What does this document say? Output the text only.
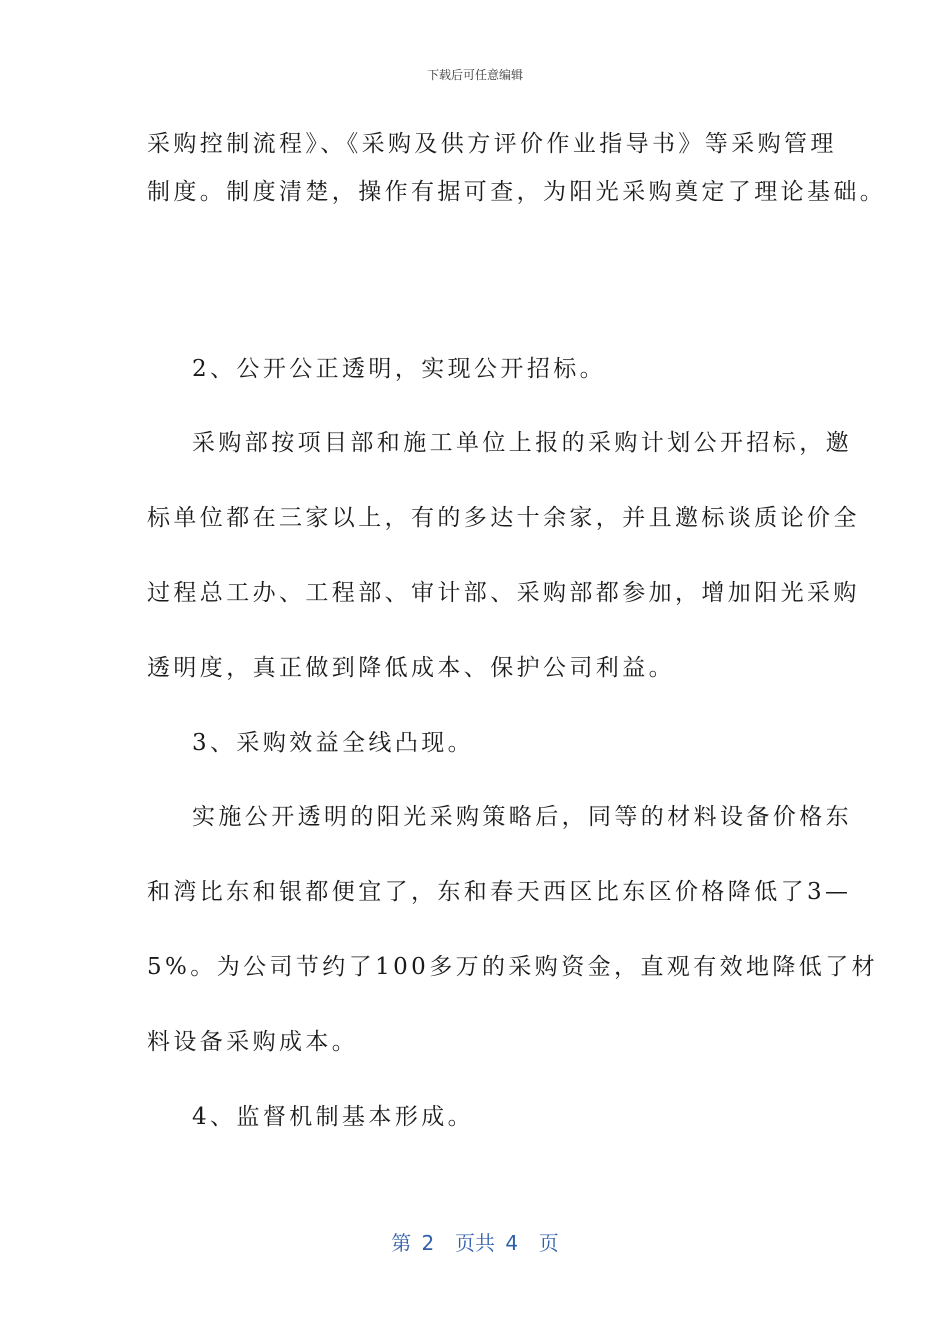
下载后可任意编辑
采购控制流程》、《采购及供方评价作业指导书》等采购管理
制度。制度清楚，操作有据可查，为阳光采购奠定了理论基础。
2、公开公正透明，实现公开招标。
采购部按项目部和施工单位上报的采购计划公开招标，邀
标单位都在三家以上，有的多达十余家，并且邀标谈质论价全
过程总工办、工程部、审计部、采购部都参加，增加阳光采购
透明度，真正做到降低成本、保护公司利益。
3、采购效益全线凸现。
实施公开透明的阳光采购策略后，同等的材料设备价格东
和湾比东和银都便宜了，东和春天西区比东区价格降低了3—
5%。为公司节约了100多万的采购资金，直观有效地降低了材
料设备采购成本。
4、监督机制基本形成。
第 2  页共 4  页
